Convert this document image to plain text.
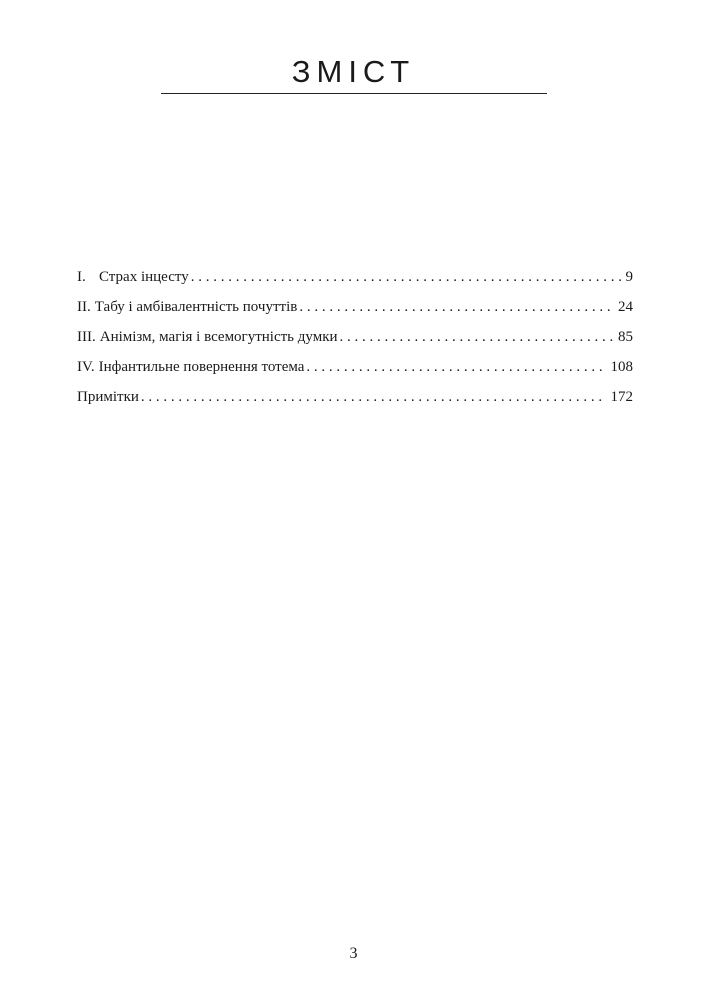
ЗМІСТ
I. Страх інцесту . . .	9
II. Табу і амбівалентність почуттів . . .	24
III. Анімізм, магія і всемогутність думки . . .	85
IV. Інфантильне повернення тотема . . .	108
Примітки . . .	172
3
